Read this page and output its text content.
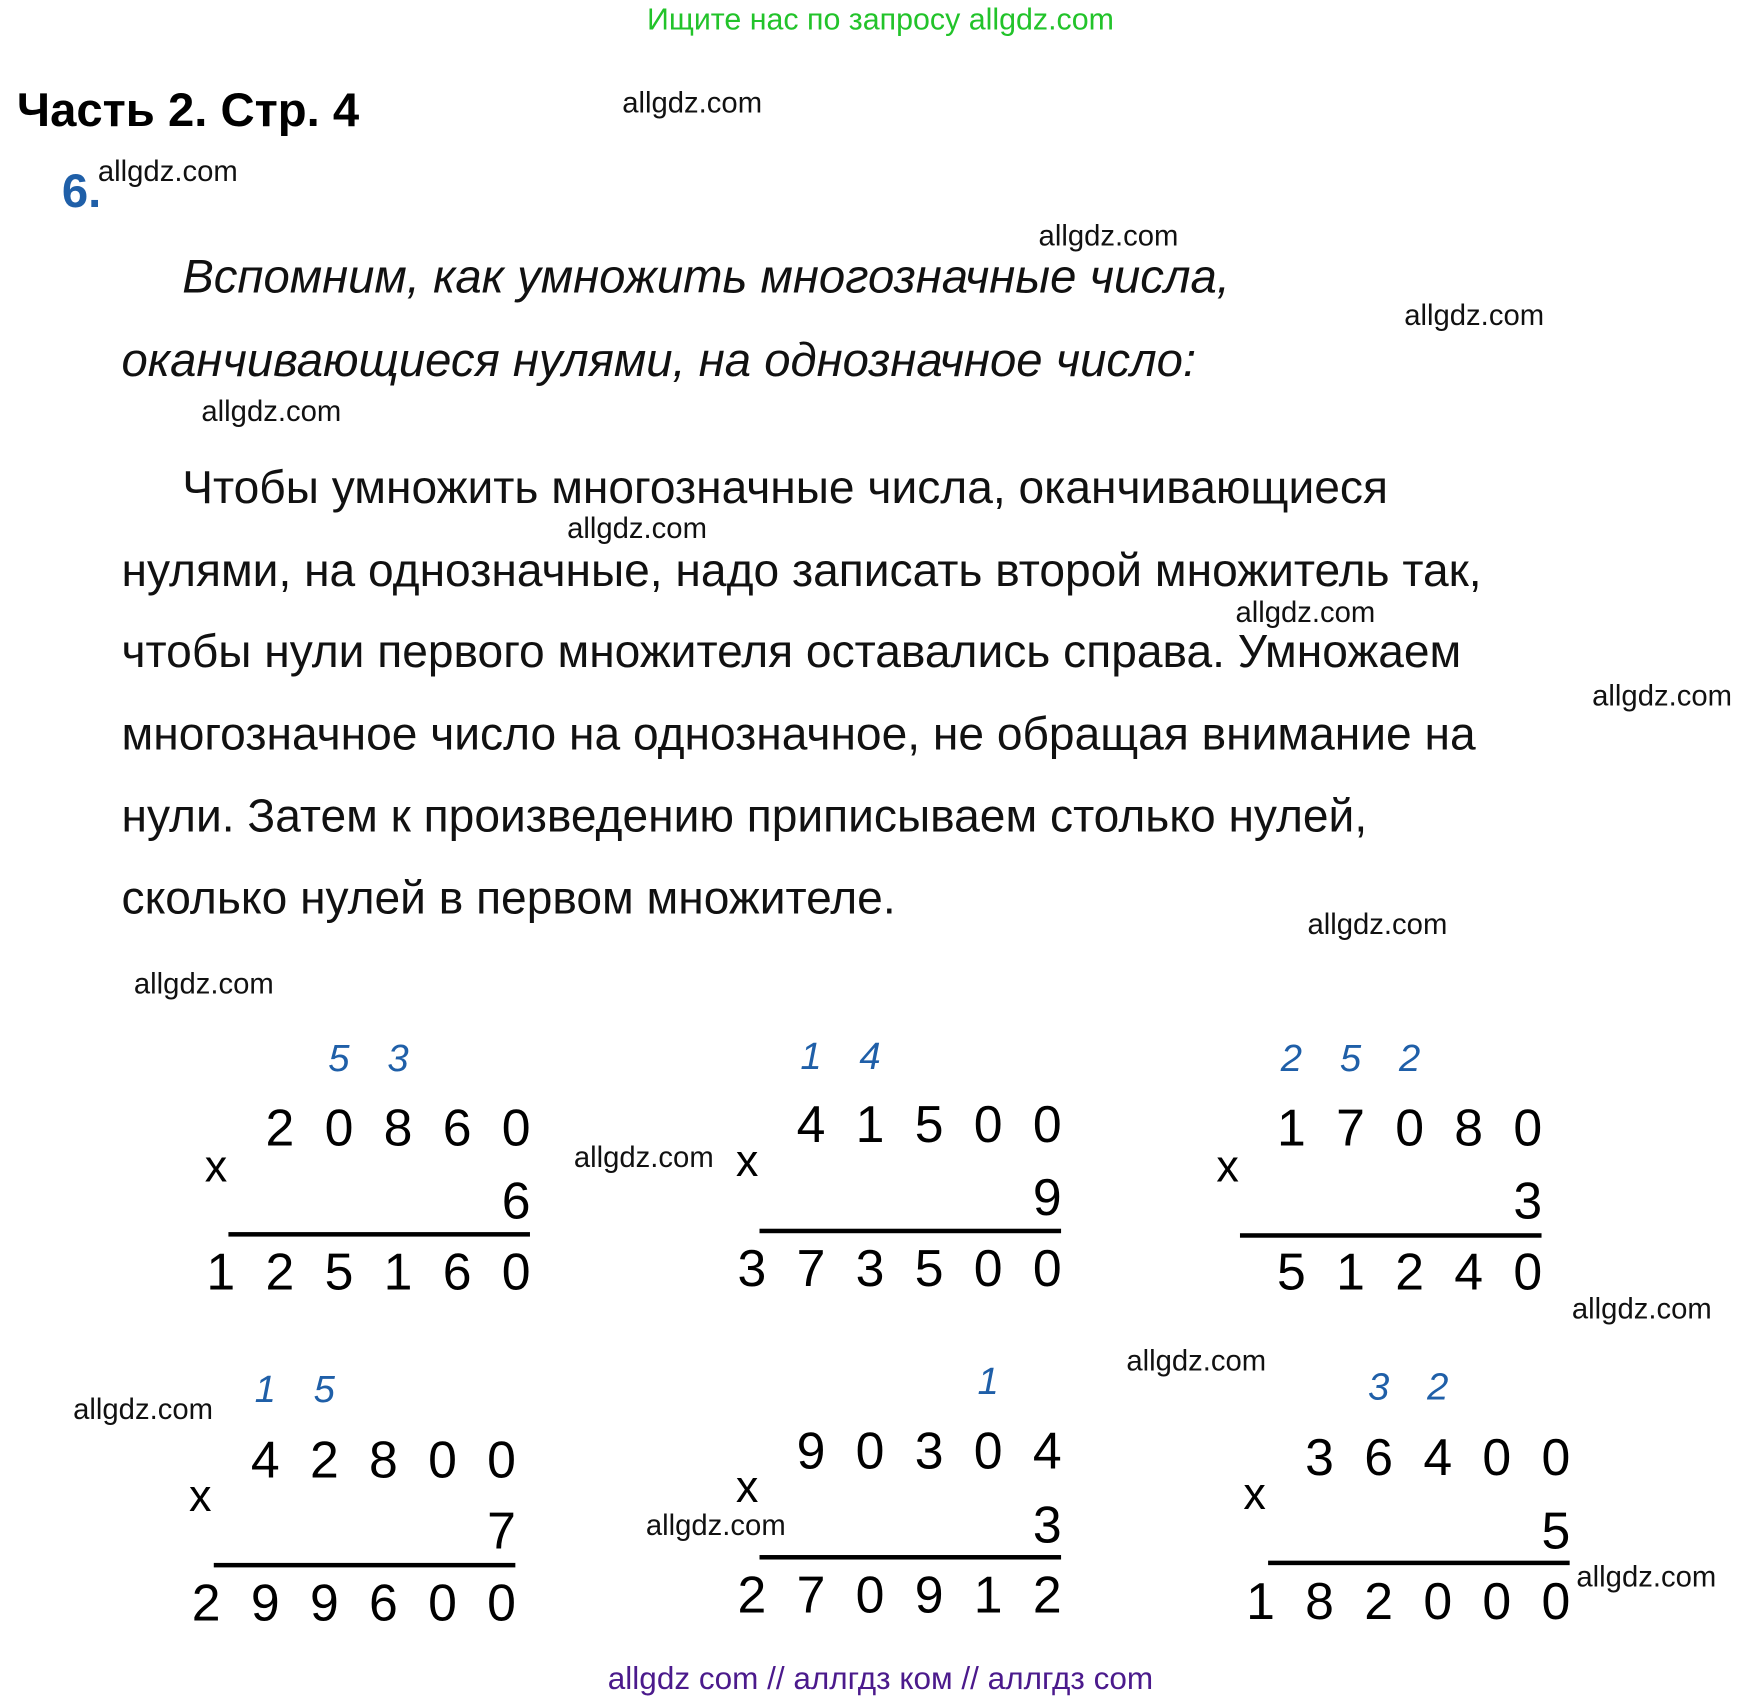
Ищите нас по запросу allgdz.com
Часть 2. Стр. 4
6.
Вспомним, как умножить многозначные числа,
оканчивающиеся нулями, на однозначное число:
Чтобы умножить многозначные числа, оканчивающиеся
нулями, на однозначные, надо записать второй множитель так,
чтобы нули первого множителя оставались справа. Умножаем
многозначное число на однозначное, не обращая внимание на
нули. Затем к произведению приписываем столько нулей,
сколько нулей в первом множителе.
allgdz.com
allgdz.com
allgdz.com
allgdz.com
allgdz.com
allgdz.com
allgdz.com
allgdz.com
allgdz.com
allgdz.com
allgdz.com
allgdz.com
allgdz.com
allgdz.com
allgdz.com
allgdz.com
x
5 3
2 0 8 6 0
6
1 2 5 1 6 0
x
1 4
4 1 5 0 0
9
3 7 3 5 0 0
x
2 5 2
1 7 0 8 0
3
5 1 2 4 0
x
1 5
4 2 8 0 0
7
2 9 9 6 0 0
x
1
9 0 3 0 4
3
2 7 0 9 1 2
x
3 2
3 6 4 0 0
5
1 8 2 0 0 0
allgdz com // аллгдз ком // аллгдз com
